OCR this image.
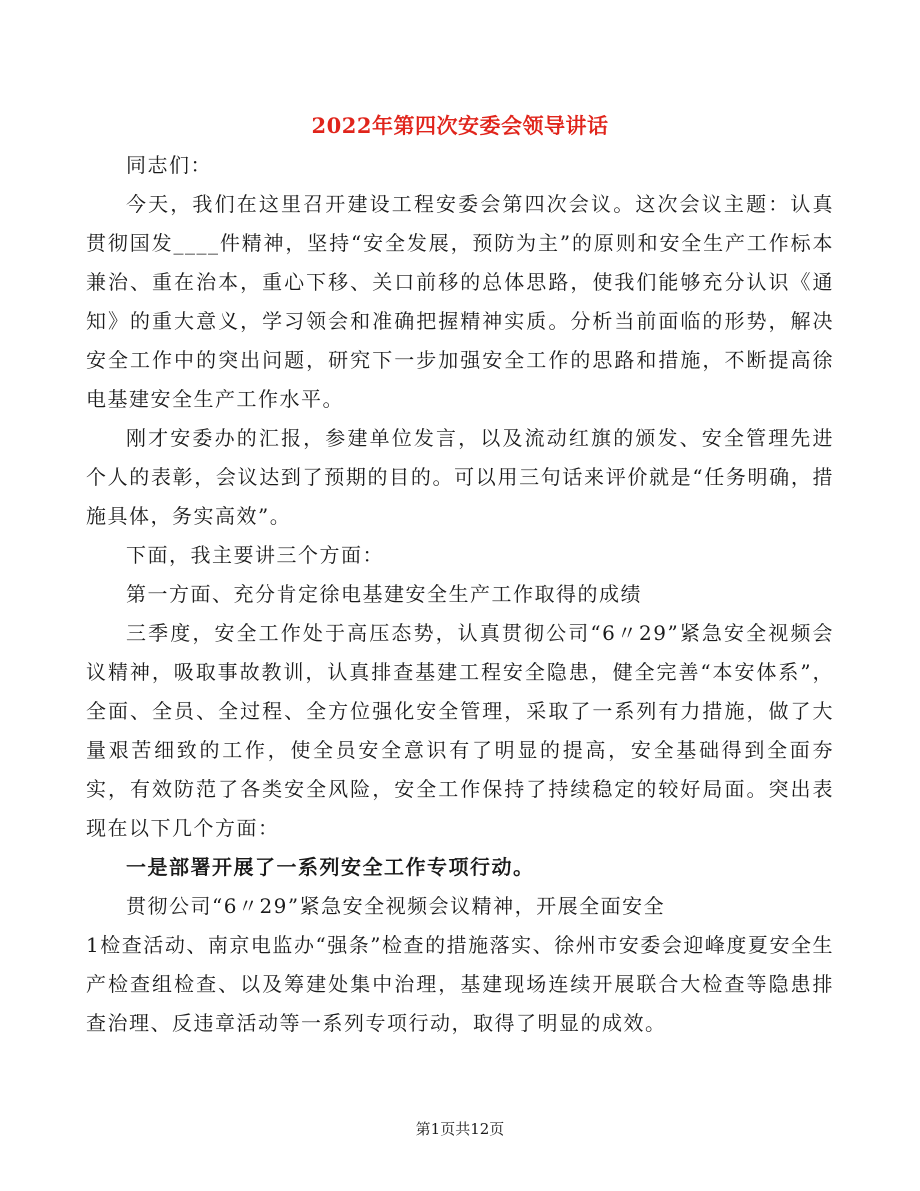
2022年第四次安委会领导讲话

同志们：

今天，我们在这里召开建设工程安委会第四次会议。这次会议主题：认真贯彻国发____件精神，坚持“安全发展，预防为主”的原则和安全生产工作标本兼治、重在治本，重心下移、关口前移的总体思路，使我们能够充分认识《通知》的重大意义，学习领会和准确把握精神实质。分析当前面临的形势，解决安全工作中的突出问题，研究下一步加强安全工作的思路和措施，不断提高徐电基建安全生产工作水平。

刚才安委办的汇报，参建单位发言，以及流动红旗的颁发、安全管理先进个人的表彰，会议达到了预期的目的。可以用三句话来评价就是“任务明确，措施具体，务实高效”。

下面，我主要讲三个方面：

第一方面、充分肯定徐电基建安全生产工作取得的成绩

三季度，安全工作处于高压态势，认真贯彻公司“6〃29”紧急安全视频会议精神，吸取事故教训，认真排查基建工程安全隐患，健全完善“本安体系”，全面、全员、全过程、全方位强化安全管理，采取了一系列有力措施，做了大量艰苦细致的工作，使全员安全意识有了明显的提高，安全基础得到全面夯实，有效防范了各类安全风险，安全工作保持了持续稳定的较好局面。突出表现在以下几个方面：

一是部署开展了一系列安全工作专项行动。

贯彻公司“6〃29”紧急安全视频会议精神，开展全面安全

1检查活动、南京电监办“强条”检查的措施落实、徐州市安委会迎峰度夏安全生产检查组检查、以及筹建处集中治理，基建现场连续开展联合大检查等隐患排查治理、反违章活动等一系列专项行动，取得了明显的成效。

第1页共12页
